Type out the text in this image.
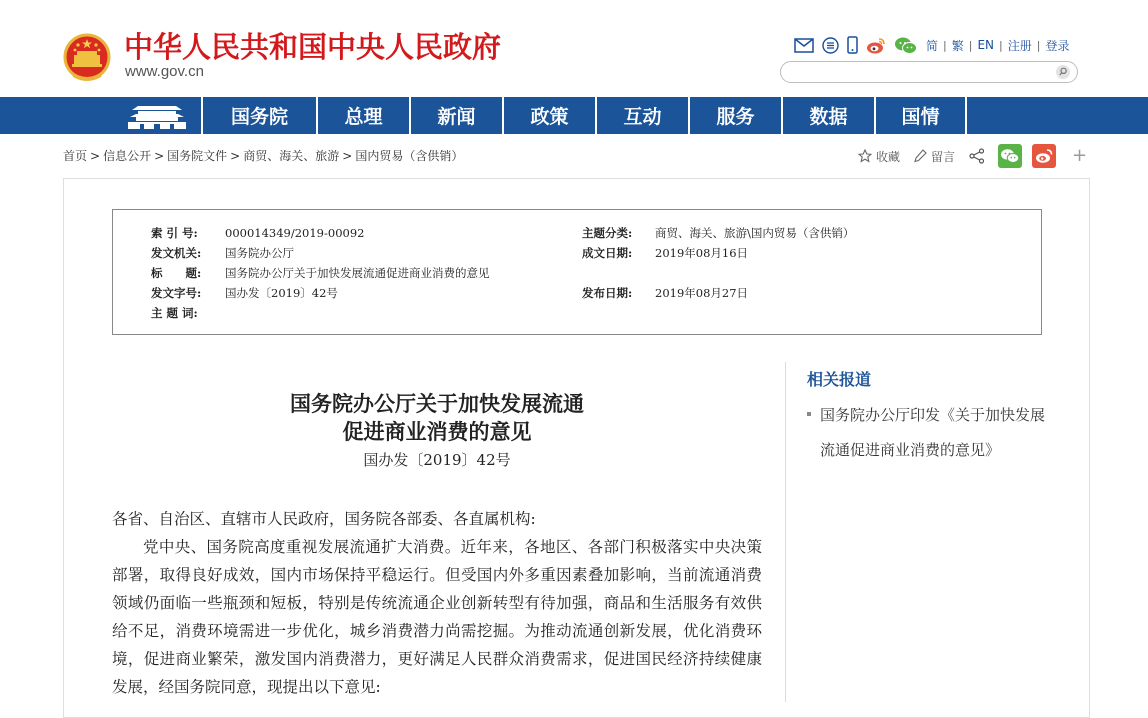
中华人民共和国中央人民政府
www.gov.cn
简 | 繁 | EN | 注册 | 登录
国务院	总理	新闻	政策	互动	服务	数据	国情
首页 > 信息公开 > 国务院文件 > 商贸、海关、旅游 > 国内贸易（含供销）	收藏	留言	+
索 引 号: 000014349/2019-00092	主题分类: 商贸、海关、旅游\国内贸易（含供销）
发文机关: 国务院办公厅	成文日期: 2019年08月16日
标　　题: 国务院办公厅关于加快发展流通促进商业消费的意见
发文字号: 国办发〔2019〕42号	发布日期: 2019年08月27日
主 题 词:
国务院办公厅关于加快发展流通
促进商业消费的意见
国办发〔2019〕42号

各省、自治区、直辖市人民政府，国务院各部委、各直属机构:

党中央、国务院高度重视发展流通扩大消费。近年来，各地区、各部门积极落实中央决策部署，取得良好成效，国内市场保持平稳运行。但受国内外多重因素叠加影响，当前流通消费领域仍面临一些瓶颈和短板，特别是传统流通企业创新转型有待加强，商品和生活服务有效供给不足，消费环境需进一步优化，城乡消费潜力尚需挖掘。为推动流通创新发展，优化消费环境，促进商业繁荣，激发国内消费潜力，更好满足人民群众消费需求，促进国民经济持续健康发展，经国务院同意，现提出以下意见:

相关报道
国务院办公厅印发《关于加快发展流通促进商业消费的意见》
